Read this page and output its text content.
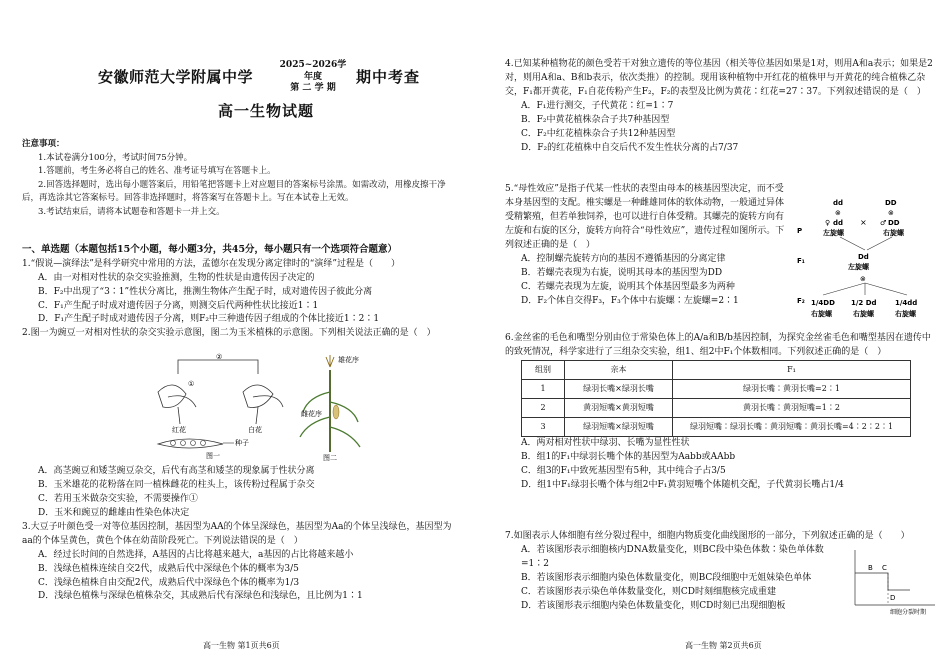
安徽师范大学附属中学
2025~2026学年度
第 二 学 期
期中考查
高一生物试题
注意事项：

1.本试卷满分100分，考试时间75分钟。

1.答题前，考生务必将自己的姓名、准考证号填写在答题卡上。

2.回答选择题时，选出每小题答案后，用铅笔把答题卡上对应题目的答案标号涂黑。如需改动，用橡皮擦干净后，再选涂其它答案标号。回答非选择题时，将答案写在答题卡上。写在本试卷上无效。

3.考试结束后，请将本试题卷和答题卡一并上交。

一、单选题（本题包括15个小题，每小题3分，共45分，每小题只有一个选项符合题意）

1.“假说—演绎法”是科学研究中常用的方法，孟德尔在发现分离定律时的“演绎”过程是（　　）

A．由一对相对性状的杂交实验推测，生物的性状是由遗传因子决定的

B．F₂中出现了“3∶1”性状分离比，推测生物体产生配子时，成对遗传因子彼此分离

C．F₁产生配子时成对遗传因子分离，则测交后代两种性状比接近1∶1

D．F₁产生配子时成对遗传因子分离，则F₂中三种遗传因子组成的个体比接近1∶2∶1

2.图一为豌豆一对相对性状的杂交实验示意图，图二为玉米植株的示意图。下列相关说法正确的是（　）

②
①
红花	白花
种子
图一
雄花序
雌花序
图二

A．高茎豌豆和矮茎豌豆杂交，后代有高茎和矮茎的现象属于性状分离

B．玉米雄花的花粉落在同一植株雌花的柱头上，该传粉过程属于杂交

C．若用玉米做杂交实验，不需要操作①

D．玉米和豌豆的雌雄由性染色体决定

3.大豆子叶颜色受一对等位基因控制，基因型为AA的个体呈深绿色，基因型为Aa的个体呈浅绿色，基因型为aa的个体呈黄色，黄色个体在幼苗阶段死亡。下列说法错误的是（　）

A．经过长时间的自然选择，A基因的占比将越来越大，a基因的占比将越来越小

B．浅绿色植株连续自交2代，成熟后代中深绿色个体的概率为3/5

C．浅绿色植株自由交配2代，成熟后代中深绿色个体的概率为1/3

D．浅绿色植株与深绿色植株杂交，其成熟后代有深绿色和浅绿色，且比例为1∶1

高一生物 第1页共6页

4.已知某种植物花的颜色受若干对独立遗传的等位基因（相关等位基因如果是1对，则用A和a表示；如果是2对，则用A和a、B和b表示，依次类推）的控制。现用该种植物中开红花的植株甲与开黄花的纯合植株乙杂交，F₁都开黄花，F₁自花传粉产生F₂，F₂的表型及比例为黄花∶红花=27∶37。下列叙述错误的是（　）

A．F₁进行测交，子代黄花∶红=1∶7

B．F₂中黄花植株杂合子共7种基因型

C．F₂中红花植株杂合子共12种基因型

D．F₂的红花植株中自交后代不发生性状分离的占7/37

5.“母性效应”是指子代某一性状的表型由母本的核基因型决定，而不受本身基因型的支配。椎实螺是一种雌雄同体的软体动物，一般通过异体受精繁殖，但若单独饲养，也可以进行自体受精。其螺壳的旋转方向有左旋和右旋的区分，旋转方向符合“母性效应”，遗传过程如图所示。下列叙述正确的是（　）

A．控制螺壳旋转方向的基因不遵循基因的分离定律

B．若螺壳表现为右旋，说明其母本的基因型为DD

C．若螺壳表现为左旋，说明其个体基因型最多为两种

D．F₂个体自交得F₃，F₃个体中右旋螺∶左旋螺=2∶1

P
F₁
F₂
dd
⊗
♀ dd
左旋螺
×
DD
⊗
♂ DD
右旋螺
Dd
左旋螺
⊗
1/4DD 1/2 Dd	1/4dd
右旋螺	右旋螺	右旋螺

6.金丝雀的毛色和嘴型分别由位于常染色体上的A/a和B/b基因控制，为探究金丝雀毛色和嘴型基因在遗传中的致死情况，科学家进行了三组杂交实验，组1、组2中F₁个体数相同。下列叙述正确的是（　）

组别	亲本	F₁
1	绿羽长嘴×绿羽长嘴	绿羽长嘴∶黄羽长嘴=2∶1
2	黄羽短嘴×黄羽短嘴	黄羽长嘴∶黄羽短嘴=1∶2
3	绿羽短嘴×绿羽短嘴	绿羽短嘴∶绿羽长嘴∶黄羽短嘴∶黄羽长嘴=4∶2∶2∶1

A．两对相对性状中绿羽、长嘴为显性性状

B．组1的F₁中绿羽长嘴个体的基因型为Aabb或AAbb

C．组3的F₁中致死基因型有5种，其中纯合子占3/5

D．组1中F₁绿羽长嘴个体与组2中F₁黄羽短嘴个体随机交配，子代黄羽长嘴占1/4

7.如图表示人体细胞有丝分裂过程中，细胞内物质变化曲线图形的一部分，下列叙述正确的是（　　）

A．若该图形表示细胞核内DNA数量变化，则BC段中染色体数∶染色单体数=1∶2

B．若该图形表示细胞内染色体数量变化，则BC段细胞中无姐妹染色单体

C．若该图形表示染色单体数量变化，则CD时刻细胞核完成重建

D．若该图形表示细胞内染色体数量变化，则CD时刻已出现细胞板

B C
D
细胞分裂时期
高一生物 第2页共6页
